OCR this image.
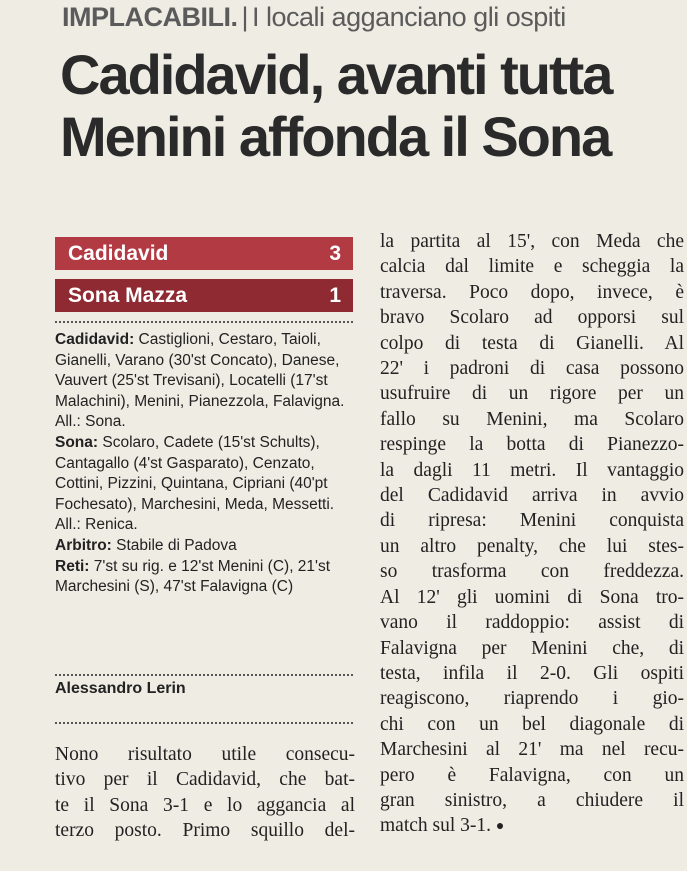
IMPLACABILI. | I locali agganciano gli ospiti
Cadidavid, avanti tutta
Menini affonda il Sona
Cadidavid	3
Sona Mazza	1

Cadidavid: Castiglioni, Cestaro, Taioli, Gianelli, Varano (30'st Concato), Danese, Vauvert (25'st Trevisani), Locatelli (17'st Malachini), Menini, Pianezzola, Falavigna. All.: Sona.

Sona: Scolaro, Cadete (15'st Schults), Cantagallo (4'st Gasparato), Cenzato, Cottini, Pizzini, Quintana, Cipriani (40'pt Fochesato), Marchesini, Meda, Messetti. All.: Renica.

Arbitro: Stabile di Padova

Reti: 7'st su rig. e 12'st Menini (C), 21'st Marchesini (S), 47'st Falavigna (C)

Alessandro Lerin
Nono risultato utile consecu-
tivo per il Cadidavid, che bat-
te il Sona 3-1 e lo aggancia al
terzo posto. Primo squillo del-
la partita al 15', con Meda che
calcia dal limite e scheggia la
traversa. Poco dopo, invece, è
bravo Scolaro ad opporsi sul
colpo di testa di Gianelli. Al
22' i padroni di casa possono
usufruire di un rigore per un
fallo su Menini, ma Scolaro
respinge la botta di Pianezzo-
la dagli 11 metri. Il vantaggio
del Cadidavid arriva in avvio
di ripresa: Menini conquista
un altro penalty, che lui stes-
so trasforma con freddezza.
Al 12' gli uomini di Sona tro-
vano il raddoppio: assist di
Falavigna per Menini che, di
testa, infila il 2-0. Gli ospiti
reagiscono, riaprendo i gio-
chi con un bel diagonale di
Marchesini al 21' ma nel recu-
pero è Falavigna, con un
gran sinistro, a chiudere il
match sul 3-1. ●
